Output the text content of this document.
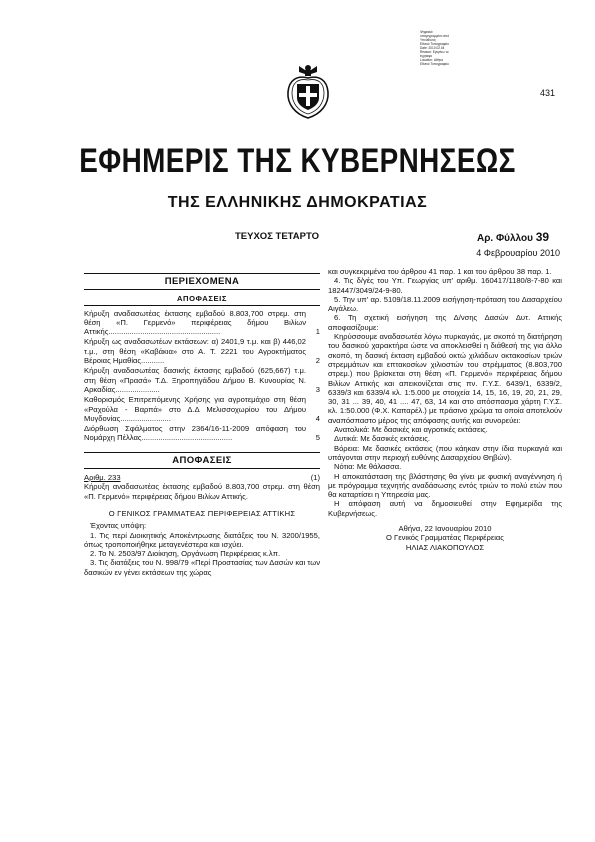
Ψηφιακά
υπογεγραμμένο από
Υπεύθυνος
Εθνικό Τυπογραφείο
Date: 2010.02.04
Reason: Εγκρίνω το
έγγραφο
Location: Αθήνα
Εθνικό Τυπογραφείο
431
ΕΦΗΜΕΡΙΣ ΤΗΣ ΚΥΒΕΡΝΗΣΕΩΣ
ΤΗΣ ΕΛΛΗΝΙΚΗΣ ΔΗΜΟΚΡΑΤΙΑΣ
ΤΕΥΧΟΣ ΤΕΤΑΡΤΟ	Αρ. Φύλλου 39
4 Φεβρουαρίου 2010
ΠΕΡΙΕΧΟΜΕΝΑ
ΑΠΟΦΑΣΕΙΣ
Κήρυξη αναδασωτέας έκτασης εμβαδού 8.803,700 στρεμ. στη θέση «Π. Γερμενό» περιφέρειας δήμου Βιλίων Αττικής.....................................................	1
Κήρυξη ως αναδασωτέων εκτάσεων: α) 2401,9 τ.μ. και β) 446,02 τ.μ., στη θέση «Καβάκια» στο Α. Τ. 2221 του Αγροκτήματος Βέροιας Ημαθίας...........	2
Κήρυξη αναδασωτέας δασικής έκτασης εμβαδού (625,667) τ.μ. στη θέση «Πρασά» Τ.Δ. Ξηροπηγάδου Δήμου Β. Κυνουρίας Ν. Αρκαδίας.....................	3
Καθορισμός Επιτρεπόμενης Χρήσης για αγροτεμάχιο στη θέση «Ραχούλα - Βαρπά» στο Δ.Δ Μελισσοχωρίου του Δήμου Μυγδονίας........................	4
Διόρθωση Σφάλματος στην 2364/16-11-2009 απόφαση του Νομάρχη Πέλλας...........................................	5
ΑΠΟΦΑΣΕΙΣ
Αριθμ. 233	(1)

Κήρυξη αναδασωτέας έκτασης εμβαδού 8.803,700 στρεμ. στη θέση «Π. Γερμενό» περιφέρειας δήμου Βιλίων Αττικής.

Ο ΓΕΝΙΚΟΣ ΓΡΑΜΜΑΤΕΑΣ ΠΕΡΙΦΕΡΕΙΑΣ ΑΤΤΙΚΗΣ

Έχοντας υπόψη:

1. Τις περί Διοικητικής Αποκέντρωσης διατάξεις του Ν. 3200/1955, όπως τροποποιήθηκε μεταγενέστερα και ισχύει.

2. Το Ν. 2503/97 Διοίκηση, Οργάνωση Περιφέρειας κ.λπ.

3. Τις διατάξεις του Ν. 998/79 «Περί Προστασίας των Δασών και των δασικών εν γένει εκτάσεων της χώρας

και συγκεκριμένα του άρθρου 41 παρ. 1 και του άρθρου 38 παρ. 1.

4. Τις δ/γές του Υπ. Γεωργίας υπ' αριθμ. 160417/1180/8-7-80 και 182447/3049/24-9-80.

5. Την υπ' αρ. 5109/18.11.2009 εισήγηση-πρόταση του Δασαρχείου Αιγάλεω.

6. Τη σχετική εισήγηση της Δ/νσης Δασών Δυτ. Αττικής αποφασίζουμε:

Κηρύσσουμε αναδασωτέα λόγω πυρκαγιάς, με σκοπό τη διατήρηση του δασικού χαρακτήρα ώστε να αποκλεισθεί η διάθεσή της για άλλο σκοπό, τη δασική έκταση εμβαδού οκτώ χιλιάδων οκτακοσίων τριών στρεμμάτων και επτακοσίων χιλιοστών του στρέμματος (8.803,700 στρεμ.) που βρίσκεται στη θέση «Π. Γερμενό» περιφέρειας δήμου Βιλίων Αττικής και απεικονίζεται στις πν. Γ.Υ.Σ. 6439/1, 6339/2, 6339/3 και 6339/4 κλ. 1:5.000 με στοιχεία 14, 15, 16, 19, 20, 21, 29, 30, 31 ... 39, 40, 41 .... 47, 63, 14 και στο απόσπασμα χάρτη Γ.Υ.Σ. κλ. 1:50.000 (Φ.Χ. Καπαρέλ.) με πράσινο χρώμα τα οποία αποτελούν αναπόσπαστο μέρος της απόφασης αυτής και συνορεύει:

Ανατολικά: Με δασικές και αγροτικές εκτάσεις.

Δυτικά: Με δασικές εκτάσεις.

Βόρεια: Με δασικές εκτάσεις (που κάηκαν στην ίδια πυρκαγιά και υπάγονται στην περιοχή ευθύνης Δασαρχείου Θηβών).

Νότια: Με θάλασσα.

Η αποκατάσταση της βλάστησης θα γίνει με φυσική αναγέννηση ή με πρόγραμμα τεχνητής αναδάσωσης εντός τριών το πολύ ετών που θα καταρτίσει η Υπηρεσία μας.

Η απόφαση αυτή να δημοσιευθεί στην Εφημερίδα της Κυβερνήσεως.

Αθήνα, 22 Ιανουαρίου 2010
Ο Γενικός Γραμματέας Περιφέρειας
ΗΛΙΑΣ ΛΙΑΚΟΠΟΥΛΟΣ
